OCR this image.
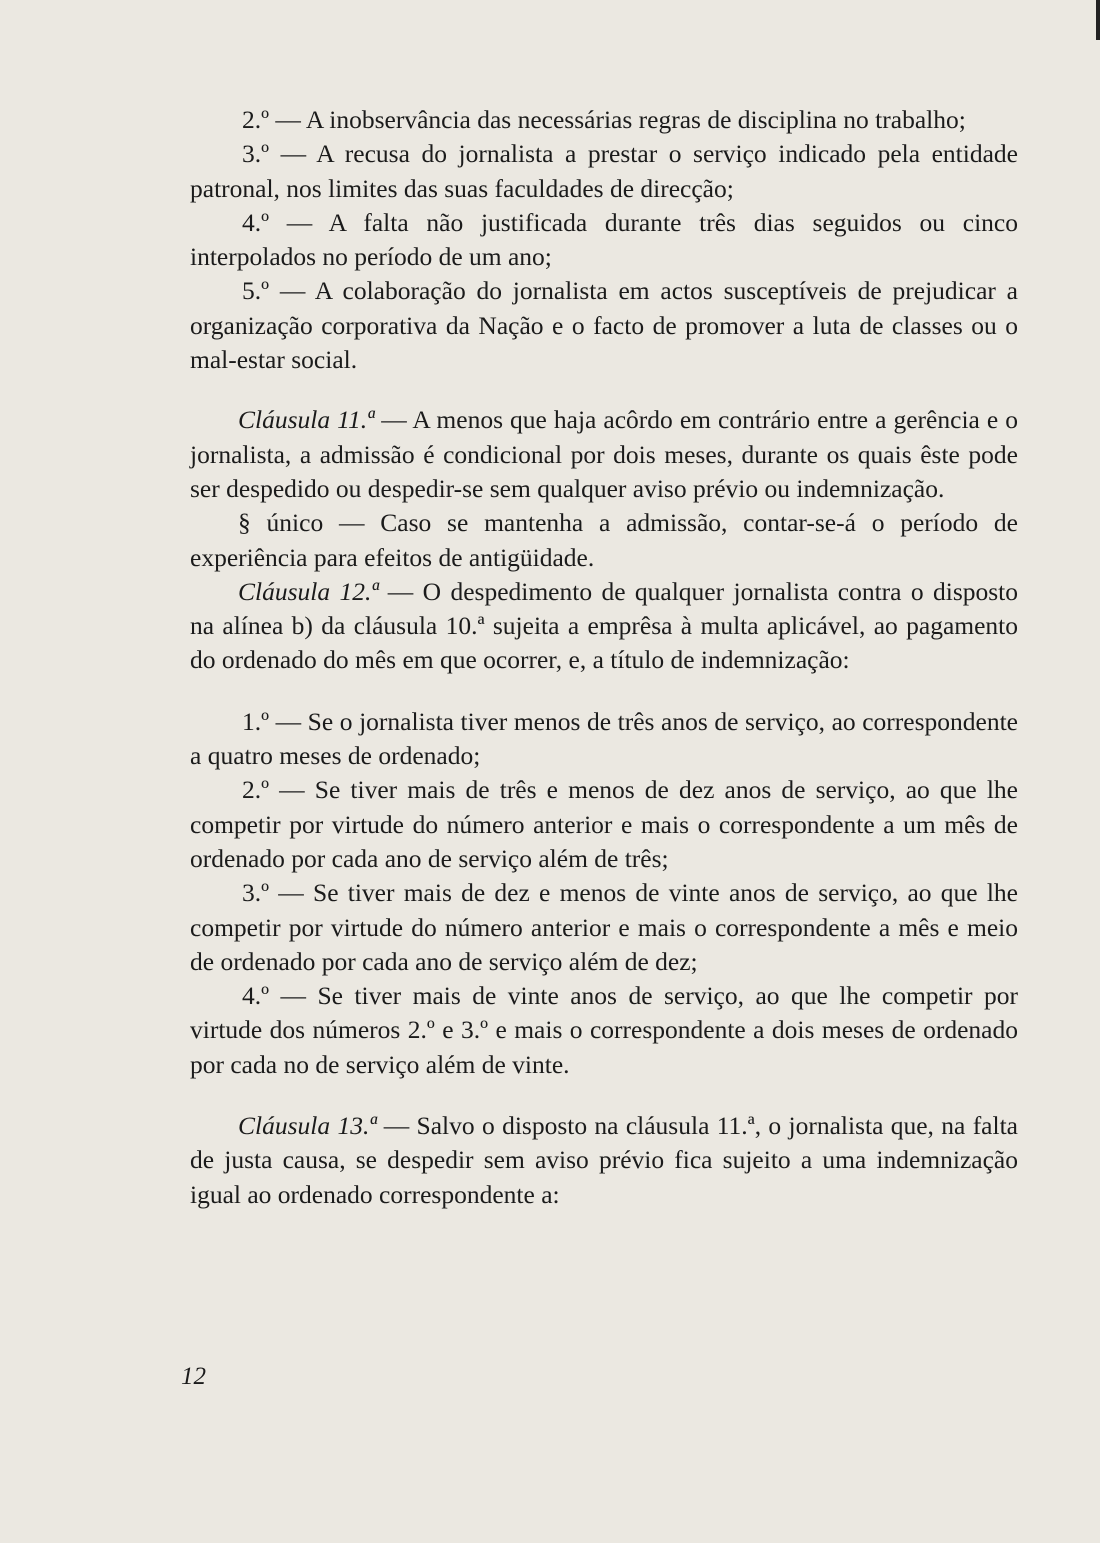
2.º — A inobservância das necessárias regras de disciplina no trabalho;

3.º — A recusa do jornalista a prestar o serviço indicado pela entidade patronal, nos limites das suas faculdades de direcção;

4.º — A falta não justificada durante três dias seguidos ou cinco interpolados no período de um ano;

5.º — A colaboração do jornalista em actos susceptíveis de prejudicar a organização corporativa da Nação e o facto de promover a luta de classes ou o mal-estar social.

Cláusula 11.ª — A menos que haja acôrdo em contrário entre a gerência e o jornalista, a admissão é condicional por dois meses, durante os quais êste pode ser despedido ou despedir-se sem qualquer aviso prévio ou indemnização.

§ único — Caso se mantenha a admissão, contar-se-á o período de experiência para efeitos de antigüidade.

Cláusula 12.ª — O despedimento de qualquer jornalista contra o disposto na alínea b) da cláusula 10.ª sujeita a emprêsa à multa aplicável, ao pagamento do ordenado do mês em que ocorrer, e, a título de indemnização:

1.º — Se o jornalista tiver menos de três anos de serviço, ao correspondente a quatro meses de ordenado;

2.º — Se tiver mais de três e menos de dez anos de serviço, ao que lhe competir por virtude do número anterior e mais o correspondente a um mês de ordenado por cada ano de serviço além de três;

3.º — Se tiver mais de dez e menos de vinte anos de serviço, ao que lhe competir por virtude do número anterior e mais o correspondente a mês e meio de ordenado por cada ano de serviço além de dez;

4.º — Se tiver mais de vinte anos de serviço, ao que lhe competir por virtude dos números 2.º e 3.º e mais o correspondente a dois meses de ordenado por cada no de serviço além de vinte.

Cláusula 13.ª — Salvo o disposto na cláusula 11.ª, o jornalista que, na falta de justa causa, se despedir sem aviso prévio fica sujeito a uma indemnização igual ao ordenado correspondente a:

12
